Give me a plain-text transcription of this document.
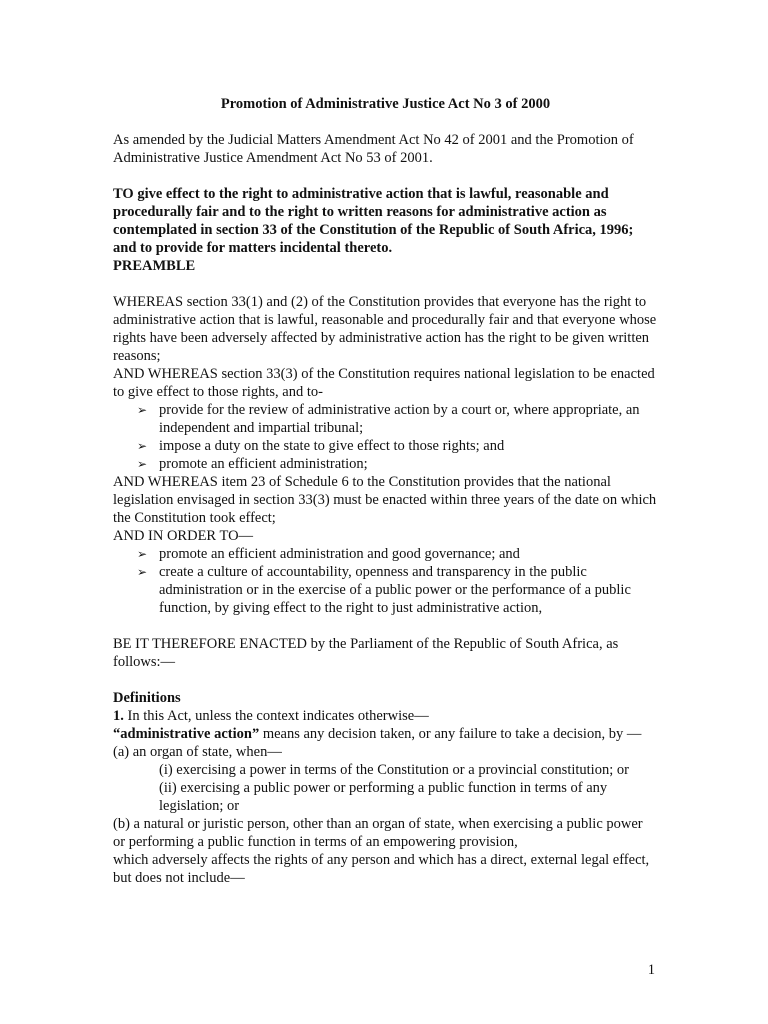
Promotion of Administrative Justice Act No 3 of 2000

As amended by the Judicial Matters Amendment Act No 42 of 2001 and the Promotion of Administrative Justice Amendment Act No 53 of 2001.

TO give effect to the right to administrative action that is lawful, reasonable and procedurally fair and to the right to written reasons for administrative action as contemplated in section 33 of the Constitution of the Republic of South Africa, 1996; and to provide for matters incidental thereto.

PREAMBLE

WHEREAS section 33(1) and (2) of the Constitution provides that everyone has the right to administrative action that is lawful, reasonable and procedurally fair and that everyone whose rights have been adversely affected by administrative action has the right to be given written reasons;

AND WHEREAS section 33(3) of the Constitution requires national legislation to be enacted to give effect to those rights, and to-

➢ provide for the review of administrative action by a court or, where appropriate, an independent and impartial tribunal;
➢ impose a duty on the state to give effect to those rights; and
➢ promote an efficient administration;

AND WHEREAS item 23 of Schedule 6 to the Constitution provides that the national legislation envisaged in section 33(3) must be enacted within three years of the date on which the Constitution took effect;

AND IN ORDER TO—

➢ promote an efficient administration and good governance; and
➢ create a culture of accountability, openness and transparency in the public administration or in the exercise of a public power or the performance of a public function, by giving effect to the right to just administrative action,

BE IT THEREFORE ENACTED by the Parliament of the Republic of South Africa, as follows:—

Definitions

1. In this Act, unless the context indicates otherwise—

“administrative action” means any decision taken, or any failure to take a decision, by —

(a) an organ of state, when—

(i) exercising a power in terms of the Constitution or a provincial constitution; or

(ii) exercising a public power or performing a public function in terms of any legislation; or

(b) a natural or juristic person, other than an organ of state, when exercising a public power or performing a public function in terms of an empowering provision,

which adversely affects the rights of any person and which has a direct, external legal effect, but does not include—

1
